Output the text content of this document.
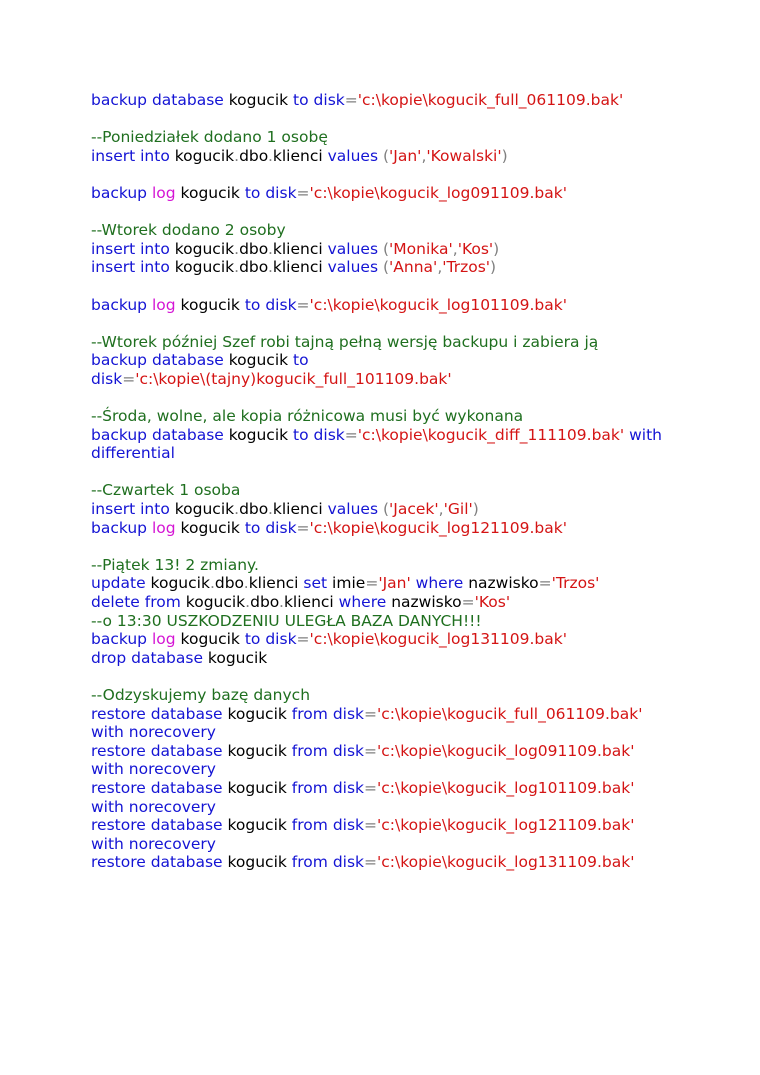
backup database kogucik to disk='c:\kopie\kogucik_full_061109.bak'
--Poniedziałek dodano 1 osobę
insert into kogucik.dbo.klienci values ('Jan','Kowalski')
backup log kogucik to disk='c:\kopie\kogucik_log091109.bak'
--Wtorek dodano 2 osoby
insert into kogucik.dbo.klienci values ('Monika','Kos')
insert into kogucik.dbo.klienci values ('Anna','Trzos')
backup log kogucik to disk='c:\kopie\kogucik_log101109.bak'
--Wtorek później Szef robi tajną pełną wersję backupu i zabiera ją
backup database kogucik to
disk='c:\kopie\(tajny)kogucik_full_101109.bak'
--Środa, wolne, ale kopia różnicowa musi być wykonana
backup database kogucik to disk='c:\kopie\kogucik_diff_111109.bak' with
differential
--Czwartek 1 osoba
insert into kogucik.dbo.klienci values ('Jacek','Gil')
backup log kogucik to disk='c:\kopie\kogucik_log121109.bak'
--Piątek 13! 2 zmiany.
update kogucik.dbo.klienci set imie='Jan' where nazwisko='Trzos'
delete from kogucik.dbo.klienci where nazwisko='Kos'
--o 13:30 USZKODZENIU ULEGŁA BAZA DANYCH!!!
backup log kogucik to disk='c:\kopie\kogucik_log131109.bak'
drop database kogucik
--Odzyskujemy bazę danych
restore database kogucik from disk='c:\kopie\kogucik_full_061109.bak'
with norecovery
restore database kogucik from disk='c:\kopie\kogucik_log091109.bak'
with norecovery
restore database kogucik from disk='c:\kopie\kogucik_log101109.bak'
with norecovery
restore database kogucik from disk='c:\kopie\kogucik_log121109.bak'
with norecovery
restore database kogucik from disk='c:\kopie\kogucik_log131109.bak'
